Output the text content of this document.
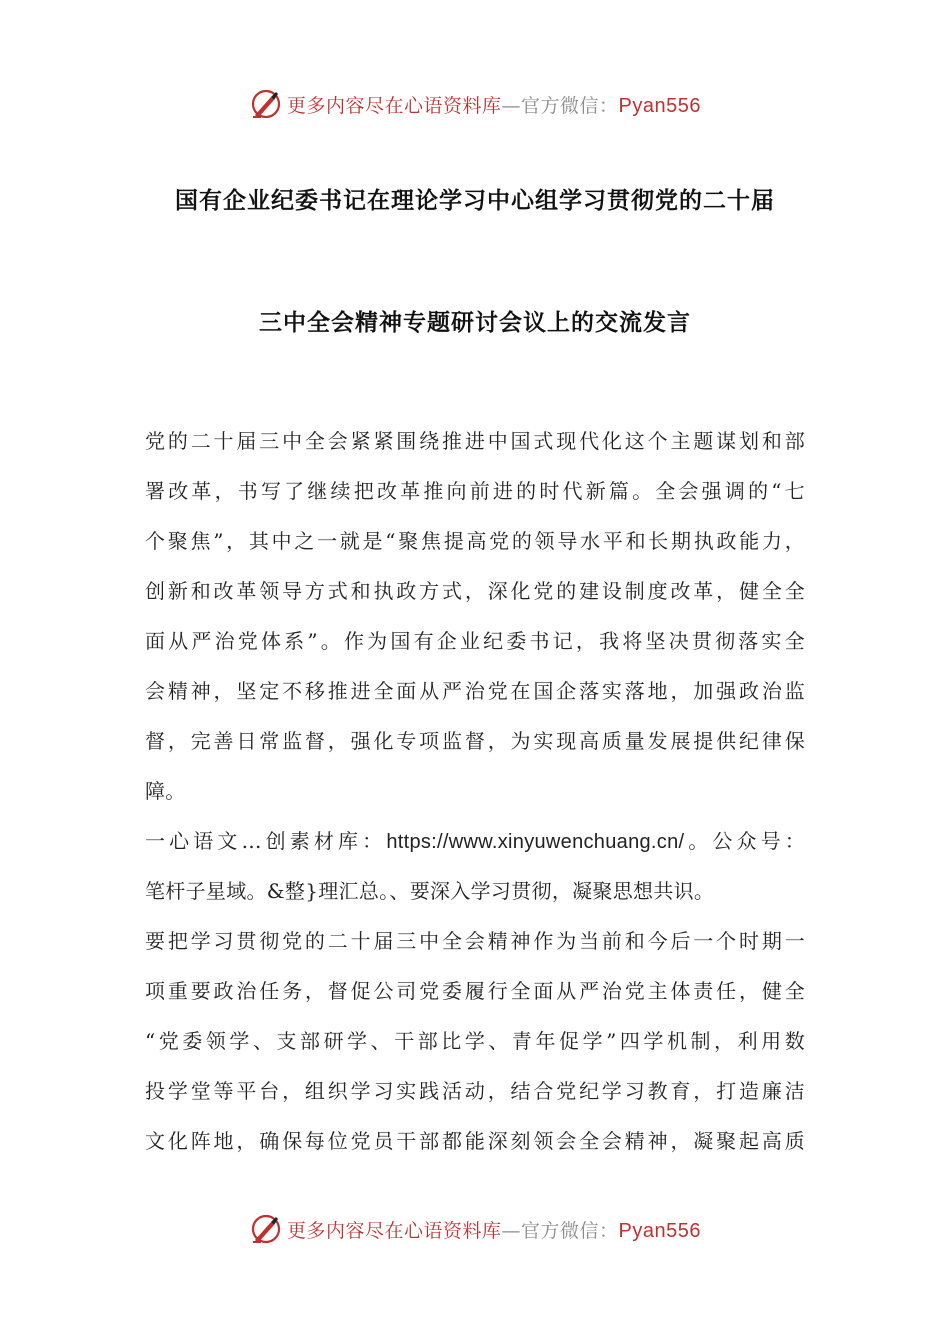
更多内容尽在心语资料库—官方微信：Pyan556
国有企业纪委书记在理论学习中心组学习贯彻党的二十届
三中全会精神专题研讨会议上的交流发言
党的二十届三中全会紧紧围绕推进中国式现代化这个主题谋划和部
署改革，书写了继续把改革推向前进的时代新篇。全会强调的“七
个聚焦”，其中之一就是“聚焦提高党的领导水平和长期执政能力，
创新和改革领导方式和执政方式，深化党的建设制度改革，健全全
面从严治党体系”。作为国有企业纪委书记，我将坚决贯彻落实全
会精神，坚定不移推进全面从严治党在国企落实落地，加强政治监
督，完善日常监督，强化专项监督，为实现高质量发展提供纪律保
障。
一心语文…创素材库：https://www.xinyuwenchuang.cn/。公众号：
笔杆子星域。&整}理汇总。、要深入学习贯彻，凝聚思想共识。
要把学习贯彻党的二十届三中全会精神作为当前和今后一个时期一
项重要政治任务，督促公司党委履行全面从严治党主体责任，健全
“党委领学、支部研学、干部比学、青年促学”四学机制，利用数
投学堂等平台，组织学习实践活动，结合党纪学习教育，打造廉洁
文化阵地，确保每位党员干部都能深刻领会全会精神，凝聚起高质
更多内容尽在心语资料库—官方微信：Pyan556
